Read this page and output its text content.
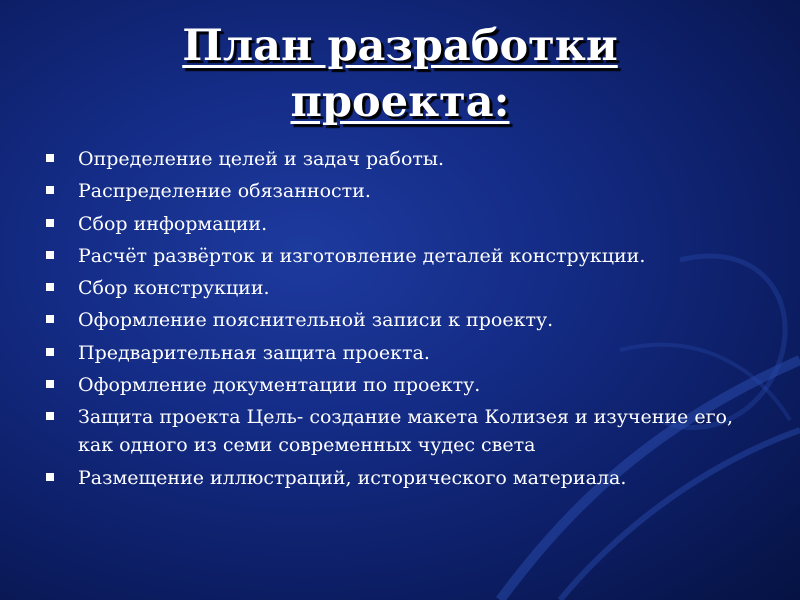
План разработки
проекта:
Определение целей и задач работы.
Распределение обязанности.
Сбор информации.
Расчёт развёрток и изготовление деталей конструкции.
Сбор конструкции.
Оформление пояснительной записи к проекту.
Предварительная защита проекта.
Оформление документации по проекту.
Защита проекта Цель- создание макета Колизея и изучение его, как одного из семи современных чудес света
Размещение иллюстраций, исторического материала.
